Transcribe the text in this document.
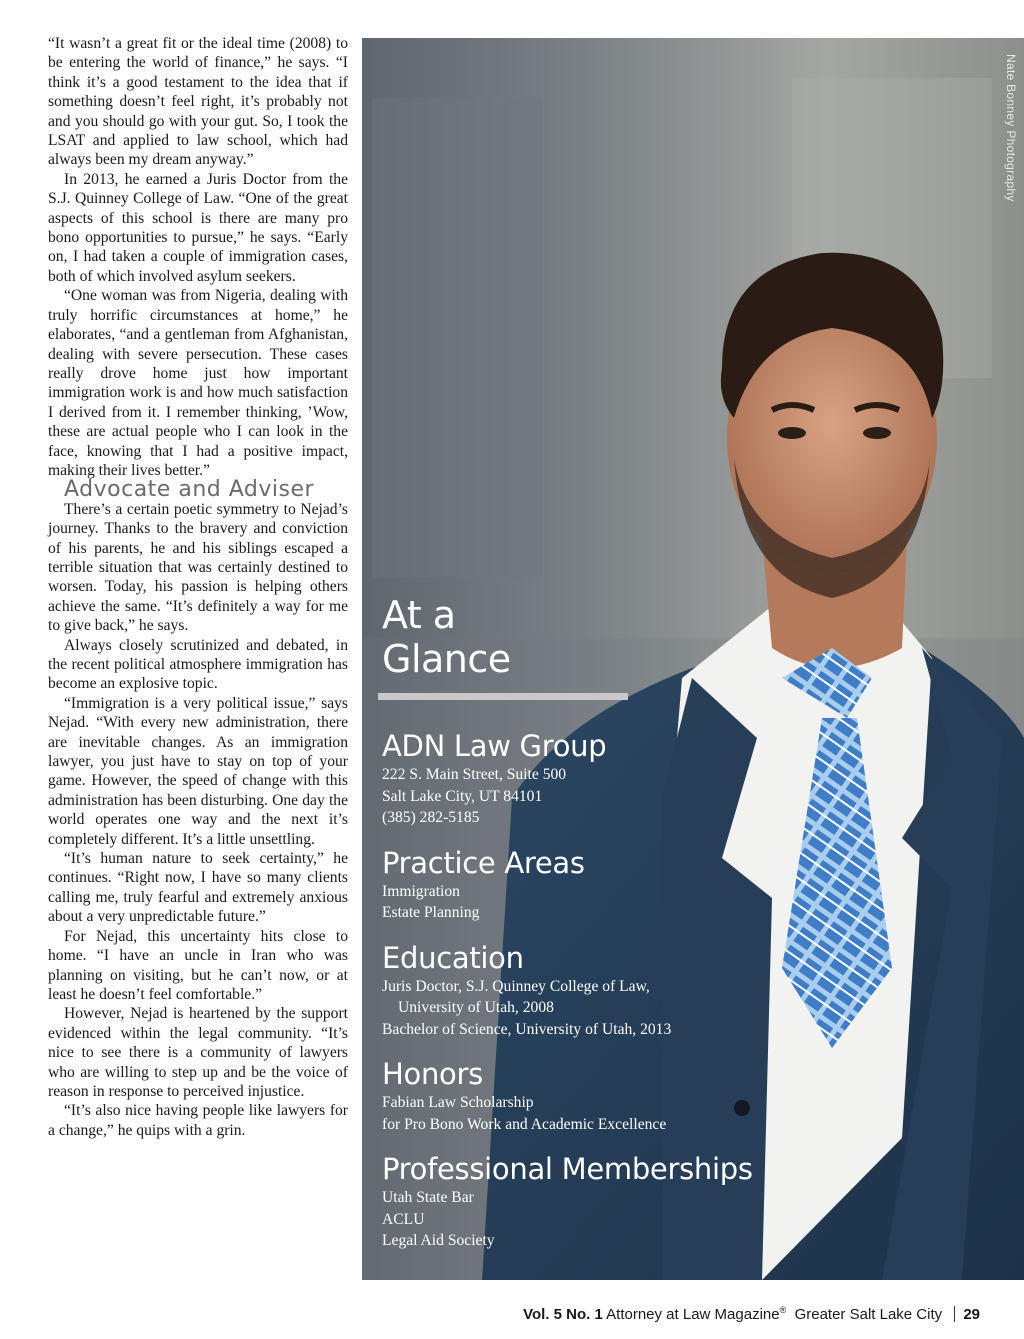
“It wasn’t a great fit or the ideal time (2008) to be entering the world of finance,” he says. “I think it’s a good testament to the idea that if something doesn’t feel right, it’s probably not and you should go with your gut. So, I took the LSAT and applied to law school, which had always been my dream anyway.”

In 2013, he earned a Juris Doctor from the S.J. Quinney College of Law. “One of the great aspects of this school is there are many pro bono opportunities to pursue,” he says. “Early on, I had taken a couple of immigration cases, both of which involved asylum seekers.

“One woman was from Nigeria, dealing with truly horrific circumstances at home,” he elaborates, “and a gentleman from Afghanistan, dealing with severe persecution. These cases really drove home just how important immigration work is and how much satisfaction I derived from it. I remember thinking, ’Wow, these are actual people who I can look in the face, knowing that I had a positive impact, making their lives better.”

Advocate and Adviser

There’s a certain poetic symmetry to Nejad’s journey. Thanks to the bravery and conviction of his parents, he and his siblings escaped a terrible situation that was certainly destined to worsen. Today, his passion is helping others achieve the same. “It’s definitely a way for me to give back,” he says.

Always closely scrutinized and debated, in the recent political atmosphere immigration has become an explosive topic.

“Immigration is a very political issue,” says Nejad. “With every new administration, there are inevitable changes. As an immigration lawyer, you just have to stay on top of your game. However, the speed of change with this administration has been disturbing. One day the world operates one way and the next it’s completely different. It’s a little unsettling.

“It’s human nature to seek certainty,” he continues. “Right now, I have so many clients calling me, truly fearful and extremely anxious about a very unpredictable future.”

For Nejad, this uncertainty hits close to home. “I have an uncle in Iran who was planning on visiting, but he can’t now, or at least he doesn’t feel comfortable.”

However, Nejad is heartened by the support evidenced within the legal community. “It’s nice to see there is a community of lawyers who are willing to step up and be the voice of reason in response to perceived injustice.

“It’s also nice having people like lawyers for a change,” he quips with a grin.

Nate Bonney Photography

At a

Glance

ADN Law Group

222 S. Main Street, Suite 500

Salt Lake City, UT 84101

(385) 282-5185

Practice Areas

Immigration

Estate Planning

Education

Juris Doctor, S.J. Quinney College of Law,

University of Utah, 2008

Bachelor of Science, University of Utah, 2013

Honors

Fabian Law Scholarship

for Pro Bono Work and Academic Excellence

Professional Memberships

Utah State Bar

ACLU

Legal Aid Society

Vol. 5 No. 1 Attorney at Law Magazine® Greater Salt Lake City 29
